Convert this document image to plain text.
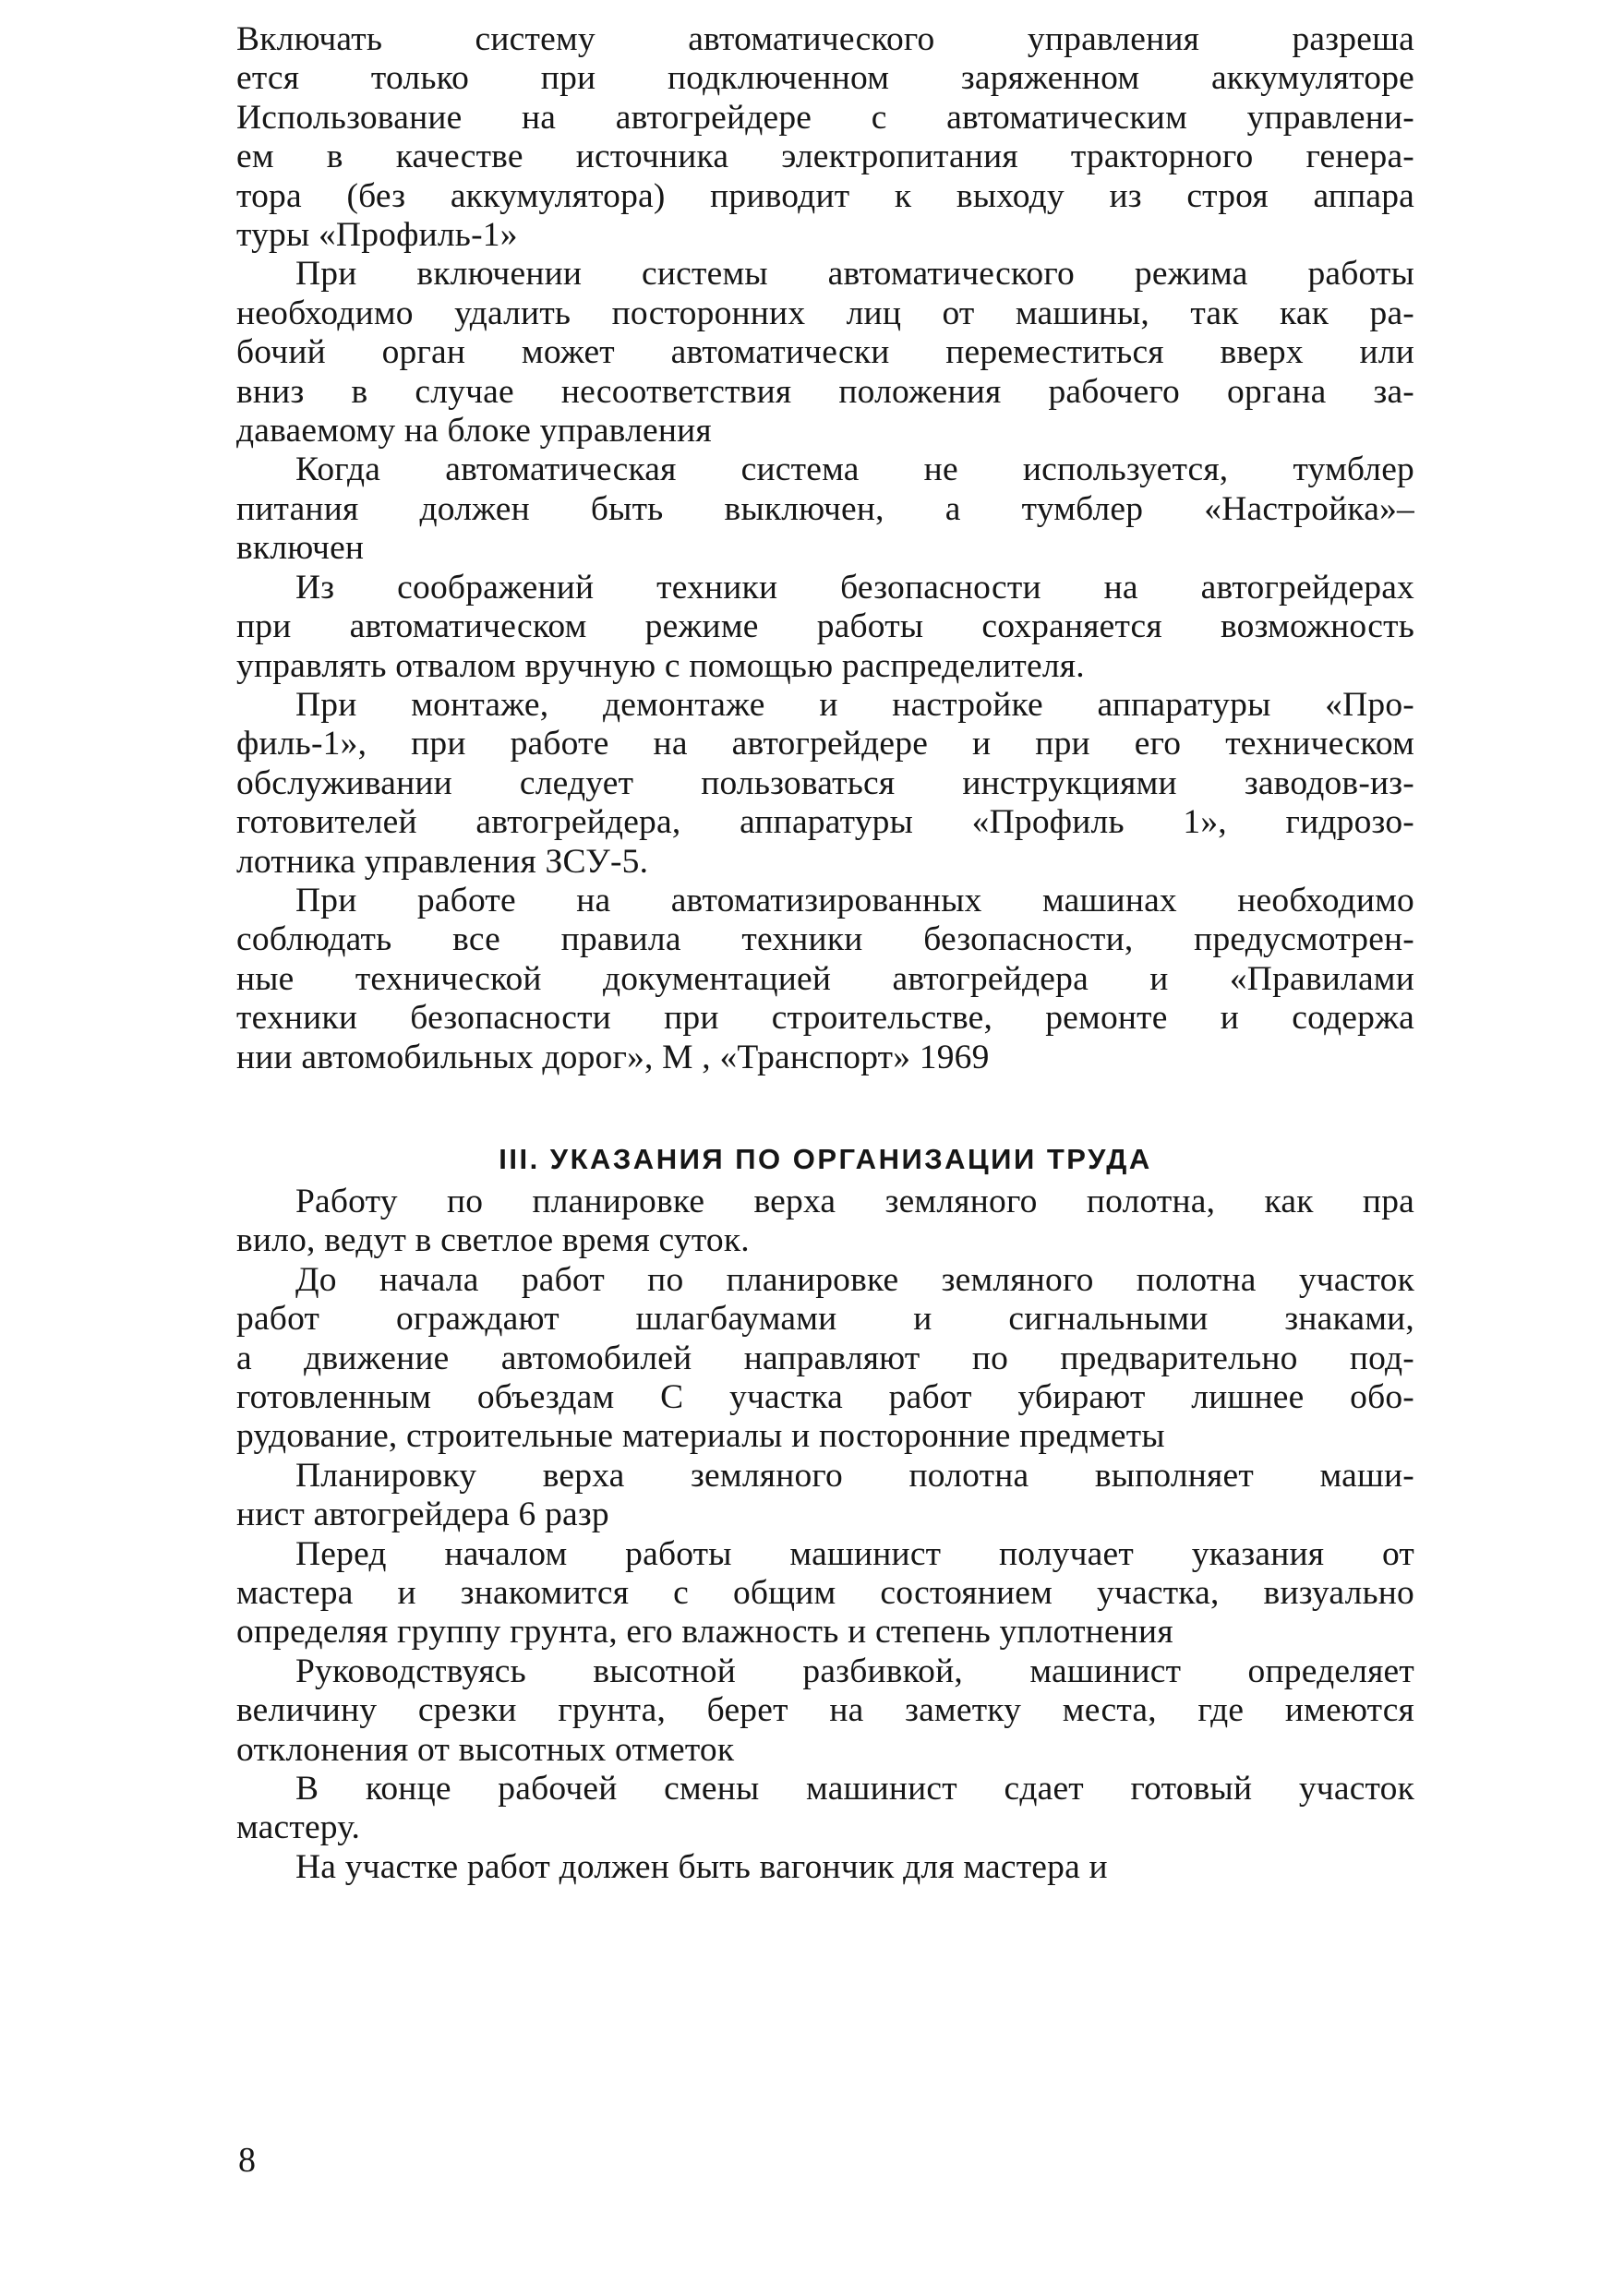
Включать систему автоматического управления разреша
ется только при подключенном заряженном аккумуляторе
Использование на автогрейдере с автоматическим управлени-
ем в качестве источника электропитания тракторного генера-
тора (без аккумулятора) приводит к выходу из строя аппара
туры «Профиль-1»

При включении системы автоматического режима работы
необходимо удалить посторонних лиц от машины, так как ра-
бочий орган может автоматически переместиться вверх или
вниз в случае несоответствия положения рабочего органа за-
даваемому на блоке управления

Когда автоматическая система не используется, тумблер
питания должен быть выключен, а тумблер «Настройка»–
включен

Из соображений техники безопасности на автогрейдерах
при автоматическом режиме работы сохраняется возможность
управлять отвалом вручную с помощью распределителя.

При монтаже, демонтаже и настройке аппаратуры «Про-
филь-1», при работе на автогрейдере и при его техническом
обслуживании следует пользоваться инструкциями заводов-из-
готовителей автогрейдера, аппаратуры «Профиль 1», гидрозо-
лотника управления ЗСУ-5.

При работе на автоматизированных машинах необходимо
соблюдать все правила техники безопасности, предусмотрен-
ные технической документацией автогрейдера и «Правилами
техники безопасности при строительстве, ремонте и содержа
нии автомобильных дорог», М , «Транспорт» 1969

III. УКАЗАНИЯ ПО ОРГАНИЗАЦИИ ТРУДА

Работу по планировке верха земляного полотна, как пра
вило, ведут в светлое время суток.

До начала работ по планировке земляного полотна участок
работ ограждают шлагбаумами и сигнальными знаками,
а движение автомобилей направляют по предварительно под-
готовленным объездам С участка работ убирают лишнее обо-
рудование, строительные материалы и посторонние предметы

Планировку верха земляного полотна выполняет маши-
нист автогрейдера 6 разр

Перед началом работы машинист получает указания от
мастера и знакомится с общим состоянием участка, визуально
определяя группу грунта, его влажность и степень уплотнения

Руководствуясь высотной разбивкой, машинист определяет
величину срезки грунта, берет на заметку места, где имеются
отклонения от высотных отметок

В конце рабочей смены машинист сдает готовый участок
мастеру.

На участке работ должен быть вагончик для мастера и

8
